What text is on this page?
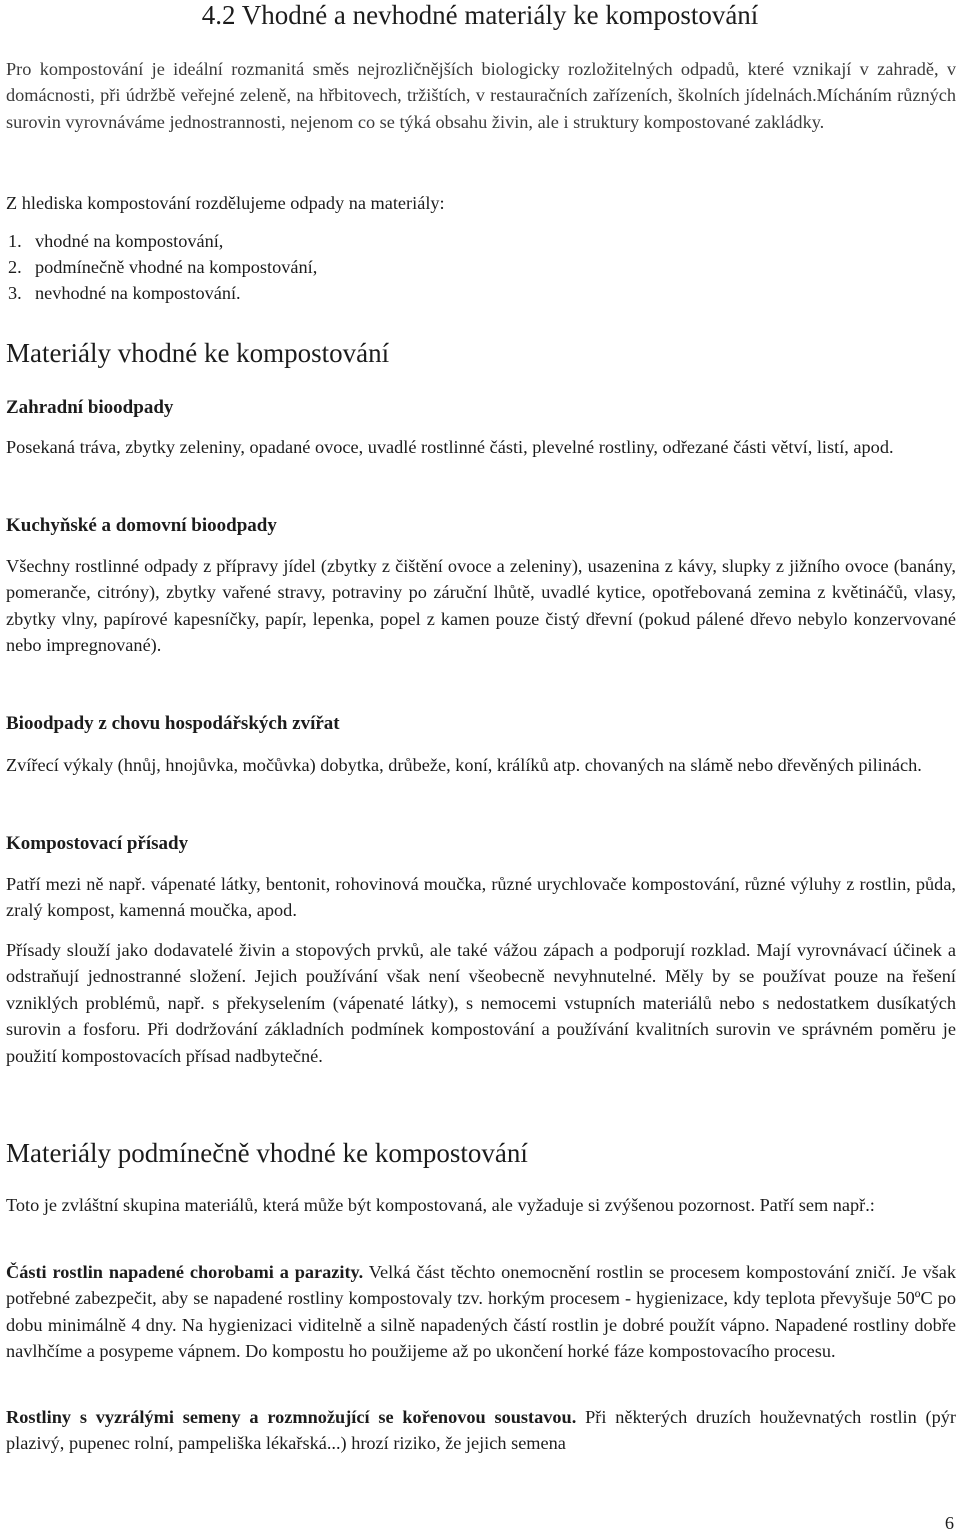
4.2 Vhodné a nevhodné materiály ke kompostování

Pro kompostování je ideální rozmanitá směs nejrozličnějších biologicky rozložitelných odpadů, které vznikají v zahradě, v domácnosti, při údržbě veřejné zeleně, na hřbitovech, tržištích, v restauračních zařízeních, školních jídelnách.Mícháním různých surovin vyrovnáváme jednostrannosti, nejenom co se týká obsahu živin, ale i struktury kompostované zakládky.

Z hlediska kompostování rozdělujeme odpady na materiály:

1. vhodné na kompostování,
2. podmínečně vhodné na kompostování,
3. nevhodné na kompostování.
Materiály vhodné ke kompostování
Zahradní bioodpady

Posekaná tráva, zbytky zeleniny, opadané ovoce, uvadlé rostlinné části, plevelné rostliny, odřezané části větví, listí, apod.

Kuchyňské a domovní bioodpady

Všechny rostlinné odpady z přípravy jídel (zbytky z čištění ovoce a zeleniny), usazenina z kávy, slupky z jižního ovoce (banány, pomeranče, citróny), zbytky vařené stravy, potraviny po záruční lhůtě, uvadlé kytice, opotřebovaná zemina z květináčů, vlasy, zbytky vlny, papírové kapesníčky, papír, lepenka, popel z kamen pouze čistý dřevní (pokud pálené dřevo nebylo konzervované nebo impregnované).

Bioodpady z chovu hospodářských zvířat

Zvířecí výkaly (hnůj, hnojůvka, močůvka) dobytka, drůbeže, koní, králíků atp. chovaných na slámě nebo dřevěných pilinách.

Kompostovací přísady

Patří mezi ně např. vápenaté látky, bentonit, rohovinová moučka, různé urychlovače kompostování, různé výluhy z rostlin, půda, zralý kompost, kamenná moučka, apod.

Přísady slouží jako dodavatelé živin a stopových prvků, ale také vážou zápach a podporují rozklad. Mají vyrovnávací účinek a odstraňují jednostranné složení. Jejich používání však není všeobecně nevyhnutelné. Měly by se používat pouze na řešení vzniklých problémů, např. s překyselením (vápenaté látky), s nemocemi vstupních materiálů nebo s nedostatkem dusíkatých surovin a fosforu. Při dodržování základních podmínek kompostování a používání kvalitních surovin ve správném poměru je použití kompostovacích přísad nadbytečné.

Materiály podmínečně vhodné ke kompostování

Toto je zvláštní skupina materiálů, která může být kompostovaná, ale vyžaduje si zvýšenou pozornost. Patří sem např.:

Části rostlin napadené chorobami a parazity. Velká část těchto onemocnění rostlin se procesem kompostování zničí. Je však potřebné zabezpečit, aby se napadené rostliny kompostovaly tzv. horkým procesem - hygienizace, kdy teplota převyšuje 50ºC po dobu minimálně 4 dny. Na hygienizaci viditelně a silně napadených částí rostlin je dobré použít vápno. Napadené rostliny dobře navlhčíme a posypeme vápnem. Do kompostu ho použijeme až po ukončení horké fáze kompostovacího procesu.

Rostliny s vyzrálými semeny a rozmnožující se kořenovou soustavou. Při některých druzích houževnatých rostlin (pýr plazivý, pupenec rolní, pampeliška lékařská...) hrozí riziko, že jejich semena

6
